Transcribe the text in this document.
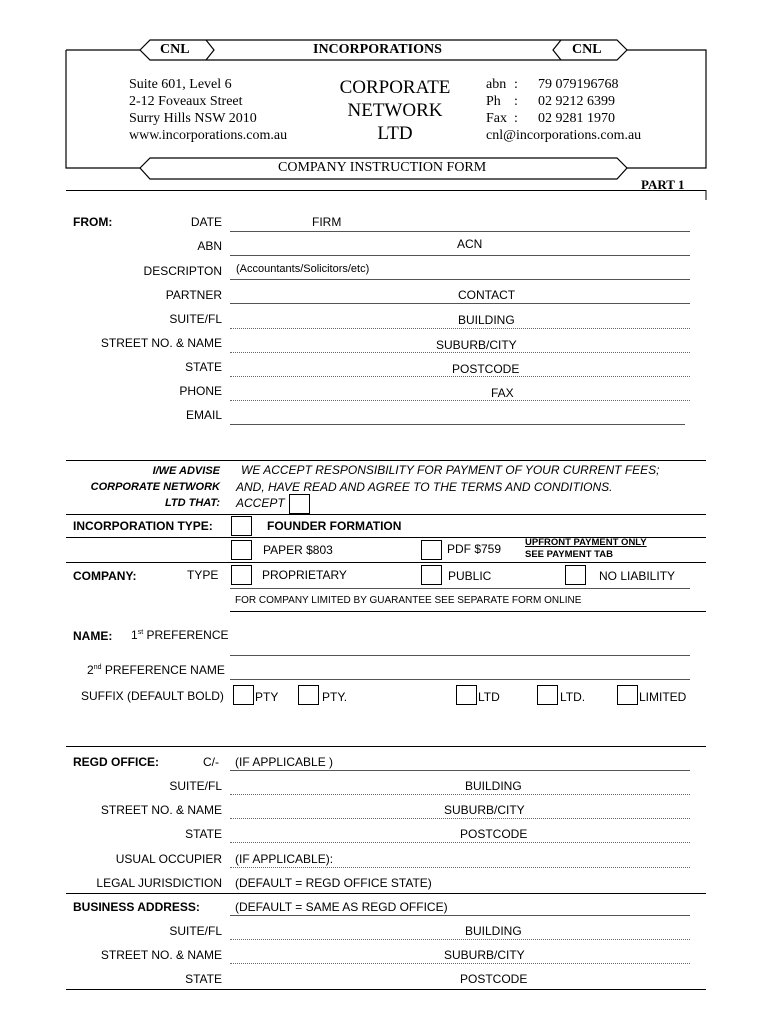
CNL	INCORPORATIONS	CNL
Suite 601, Level 6
2-12 Foveaux Street
Surry Hills NSW 2010
www.incorporations.com.au
CORPORATE
NETWORK
LTD
abn : 79 079196768
Ph : 02 9212 6399
Fax : 02 9281 1970
cnl@incorporations.com.au
COMPANY INSTRUCTION FORM
PART 1
FROM:	DATE	FIRM
ABN	ACN
DESCRIPTON (Accountants/Solicitors/etc)
PARTNER	CONTACT
SUITE/FL	BUILDING
STREET NO. & NAME	SUBURB/CITY
STATE	POSTCODE
PHONE	FAX
EMAIL
I/WE ADVISE
CORPORATE NETWORK
LTD THAT:
WE ACCEPT RESPONSIBILITY FOR PAYMENT OF YOUR CURRENT FEES;
AND, HAVE READ AND AGREE TO THE TERMS AND CONDITIONS.
ACCEPT
INCORPORATION TYPE:	FOUNDER FORMATION
PAPER $803	PDF $759	UPFRONT PAYMENT ONLY
SEE PAYMENT TAB
COMPANY:	TYPE	PROPRIETARY	PUBLIC	NO LIABILITY
FOR COMPANY LIMITED BY GUARANTEE SEE SEPARATE FORM ONLINE
NAME: 1st PREFERENCE
2nd PREFERENCE NAME
SUFFIX (DEFAULT BOLD)	PTY	PTY.	LTD	LTD.	LIMITED
REGD OFFICE:	C/- (IF APPLICABLE )
SUITE/FL	BUILDING
STREET NO. & NAME	SUBURB/CITY
STATE	POSTCODE
USUAL OCCUPIER (IF APPLICABLE):
LEGAL JURISDICTION (DEFAULT = REGD OFFICE STATE)
BUSINESS ADDRESS:	(DEFAULT = SAME AS REGD OFFICE)
SUITE/FL	BUILDING
STREET NO. & NAME	SUBURB/CITY
STATE	POSTCODE
